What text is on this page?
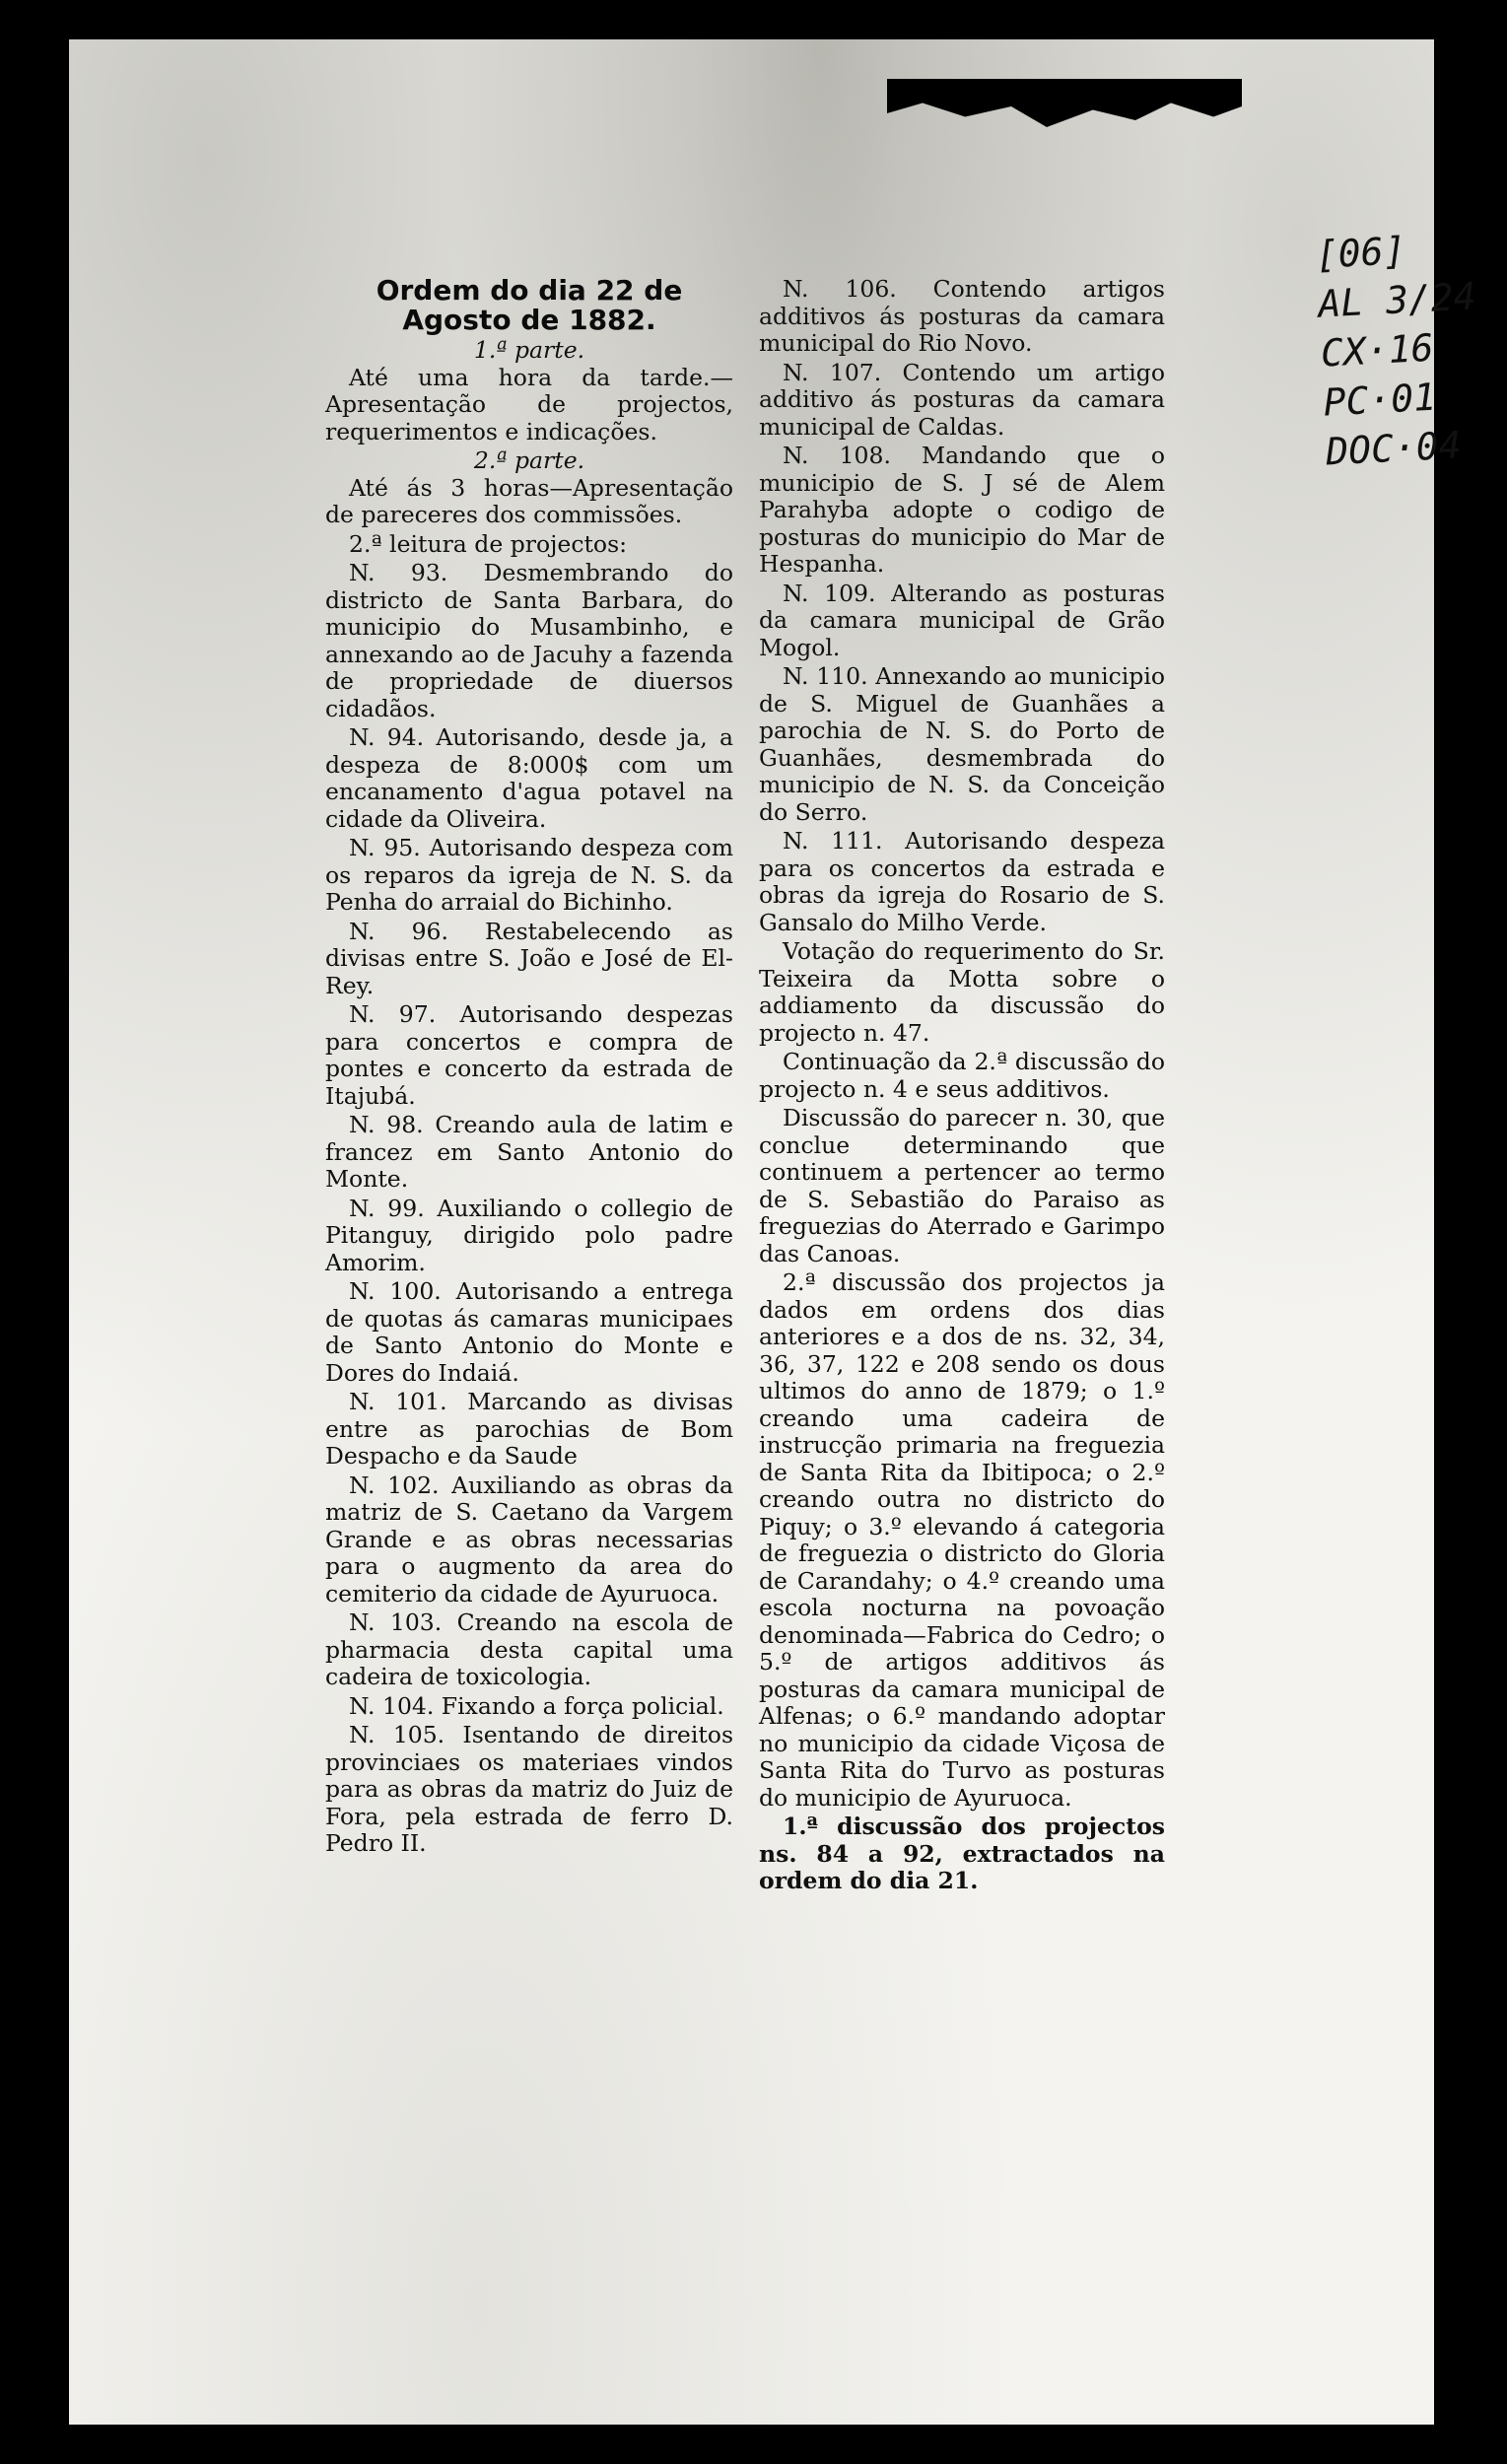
Ordem do dia 22 de Agosto de 1882.

1.ª parte.

Até uma hora da tarde.—Apresentação de projectos, requerimentos e indicações.

2.ª parte.

Até ás 3 horas—Apresentação de pareceres dos commissões.

2.ª leitura de projectos:

N. 93. Desmembrando do districto de Santa Barbara, do municipio do Musambinho, e annexando ao de Jacuhy a fazenda de propriedade de diuersos cidadãos.

N. 94. Autorisando, desde ja, a despeza de 8:000$ com um encanamento d'agua potavel na cidade da Oliveira.

N. 95. Autorisando despeza com os reparos da igreja de N. S. da Penha do arraial do Bichinho.

N. 96. Restabelecendo as divisas entre S. João e José de El-Rey.

N. 97. Autorisando despezas para concertos e compra de pontes e concerto da estrada de Itajubá.

N. 98. Creando aula de latim e francez em Santo Antonio do Monte.

N. 99. Auxiliando o collegio de Pitanguy, dirigido polo padre Amorim.

N. 100. Autorisando a entrega de quotas ás camaras municipaes de Santo Antonio do Monte e Dores do Indaiá.

N. 101. Marcando as divisas entre as parochias de Bom Despacho e da Saude

N. 102. Auxiliando as obras da matriz de S. Caetano da Vargem Grande e as obras necessarias para o augmento da area do cemiterio da cidade de Ayuruoca.

N. 103. Creando na escola de pharmacia desta capital uma cadeira de toxicologia.

N. 104. Fixando a força policial.

N. 105. Isentando de direitos provinciaes os materiaes vindos para as obras da matriz do Juiz de Fora, pela estrada de ferro D. Pedro II.

N. 106. Contendo artigos additivos ás posturas da camara municipal do Rio Novo.

N. 107. Contendo um artigo additivo ás posturas da camara municipal de Caldas.

N. 108. Mandando que o municipio de S. J sé de Alem Parahyba adopte o codigo de posturas do municipio do Mar de Hespanha.

N. 109. Alterando as posturas da camara municipal de Grão Mogol.

N. 110. Annexando ao municipio de S. Miguel de Guanhães a parochia de N. S. do Porto de Guanhães, desmembrada do municipio de N. S. da Conceição do Serro.

N. 111. Autorisando despeza para os concertos da estrada e obras da igreja do Rosario de S. Gansalo do Milho Verde.

Votação do requerimento do Sr. Teixeira da Motta sobre o addiamento da discussão do projecto n. 47.

Continuação da 2.ª discussão do projecto n. 4 e seus additivos.

Discussão do parecer n. 30, que conclue determinando que continuem a pertencer ao termo de S. Sebastião do Paraiso as freguezias do Aterrado e Garimpo das Canoas.

2.ª discussão dos projectos ja dados em ordens dos dias anteriores e a dos de ns. 32, 34, 36, 37, 122 e 208 sendo os dous ultimos do anno de 1879; o 1.º creando uma cadeira de instrucção primaria na freguezia de Santa Rita da Ibitipoca; o 2.º creando outra no districto do Piquy; o 3.º elevando á categoria de freguezia o districto do Gloria de Carandahy; o 4.º creando uma escola nocturna na povoação denominada—Fabrica do Cedro; o 5.º de artigos additivos ás posturas da camara municipal de Alfenas; o 6.º mandando adoptar no municipio da cidade Viçosa de Santa Rita do Turvo as posturas do municipio de Ayuruoca.

1.ª discussão dos projectos ns. 84 a 92, extractados na ordem do dia 21.

[06]
AL 3/24
CX·16
PC·01
DOC·04
